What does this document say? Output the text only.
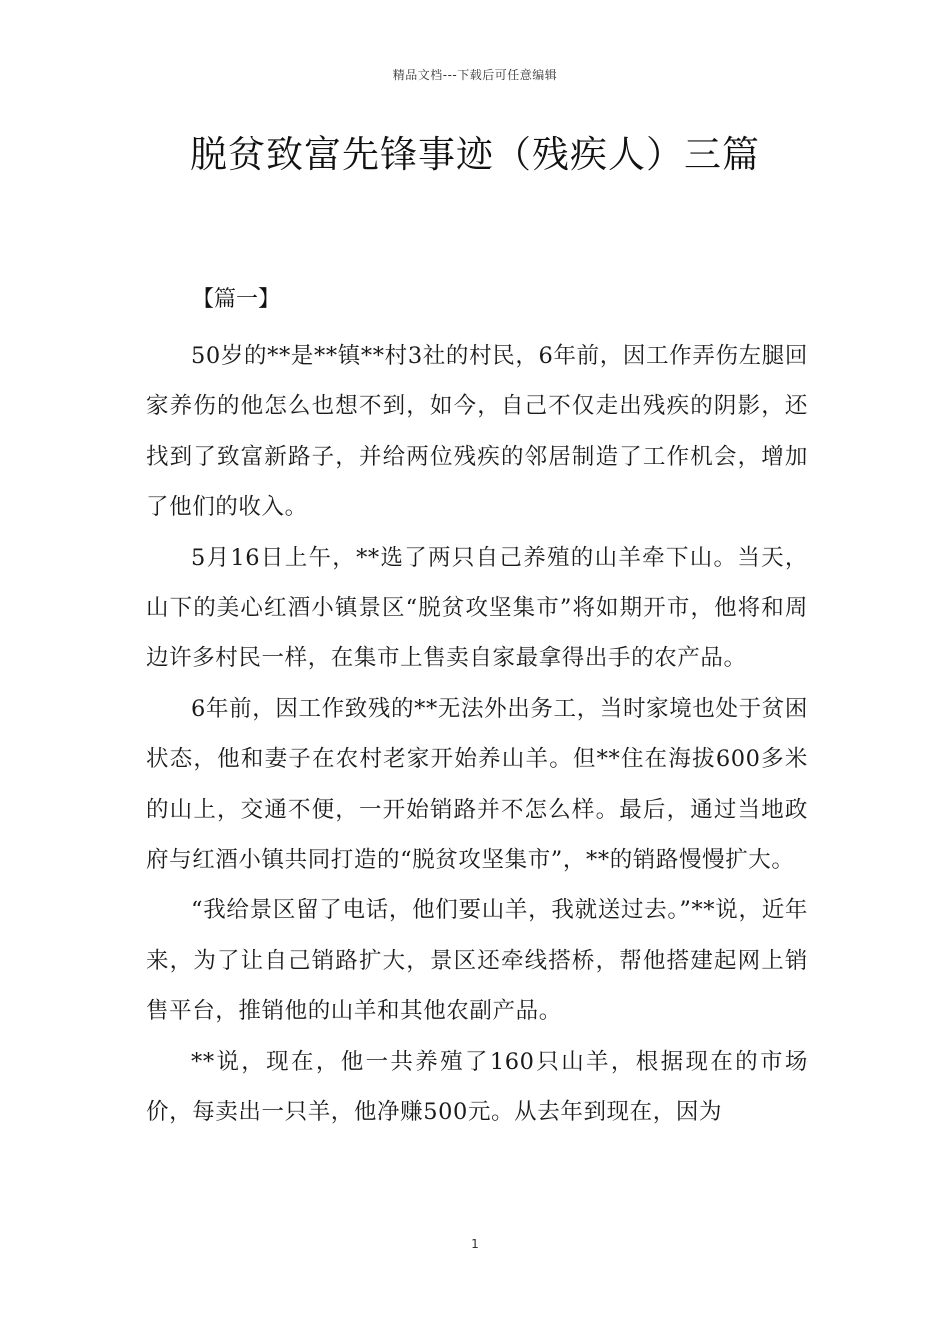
精品文档---下载后可任意编辑
脱贫致富先锋事迹（残疾人）三篇
【篇一】

50岁的**是**镇**村3社的村民，6年前，因工作弄伤左腿回家养伤的他怎么也想不到，如今，自己不仅走出残疾的阴影，还找到了致富新路子，并给两位残疾的邻居制造了工作机会，增加了他们的收入。

5月16日上午，**选了两只自己养殖的山羊牵下山。当天，山下的美心红酒小镇景区“脱贫攻坚集市”将如期开市，他将和周边许多村民一样，在集市上售卖自家最拿得出手的农产品。

6年前，因工作致残的**无法外出务工，当时家境也处于贫困状态，他和妻子在农村老家开始养山羊。但**住在海拔600多米的山上，交通不便，一开始销路并不怎么样。最后，通过当地政府与红酒小镇共同打造的“脱贫攻坚集市”，**的销路慢慢扩大。

“我给景区留了电话，他们要山羊，我就送过去。”**说，近年来，为了让自己销路扩大，景区还牵线搭桥，帮他搭建起网上销售平台，推销他的山羊和其他农副产品。

**说，现在，他一共养殖了160只山羊，根据现在的市场价，每卖出一只羊，他净赚500元。从去年到现在，因为

1
